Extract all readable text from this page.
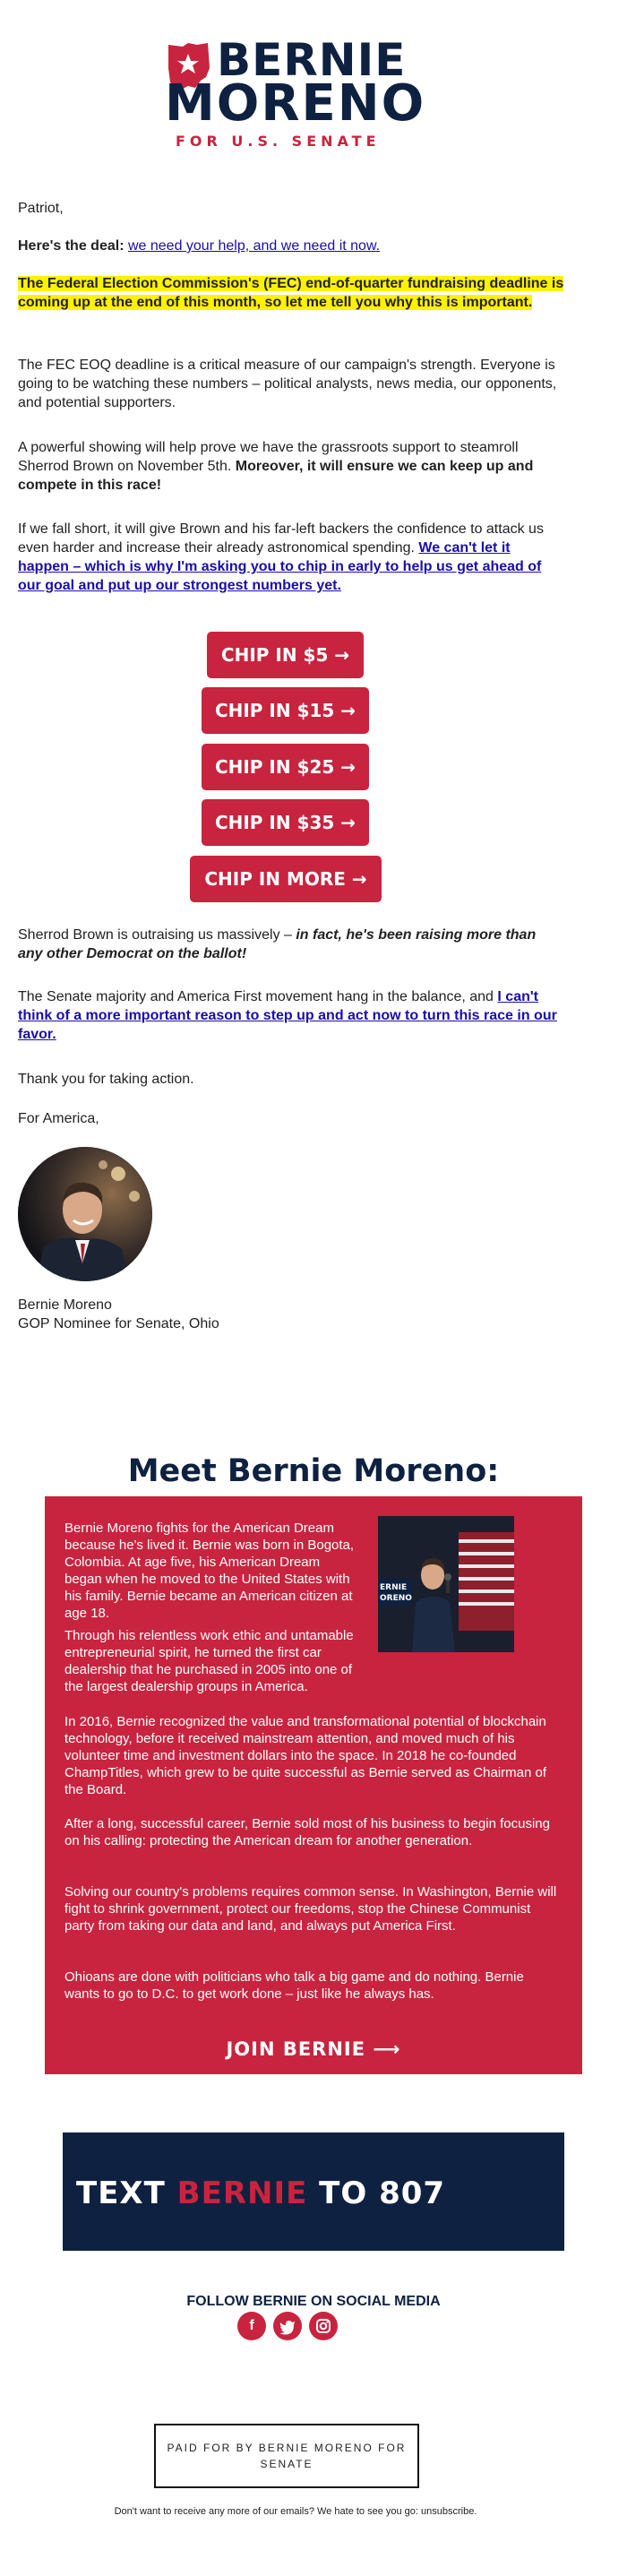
BERNIE
MORENO
FOR U.S. SENATE
Patriot,
Here's the deal: we need your help, and we need it now.
The Federal Election Commission's (FEC) end-of-quarter fundraising deadline is coming up at the end of this month, so let me tell you why this is important.
The FEC EOQ deadline is a critical measure of our campaign's strength. Everyone is going to be watching these numbers – political analysts, news media, our opponents, and potential supporters.
A powerful showing will help prove we have the grassroots support to steamroll Sherrod Brown on November 5th. Moreover, it will ensure we can keep up and compete in this race!
If we fall short, it will give Brown and his far-left backers the confidence to attack us even harder and increase their already astronomical spending. We can't let it happen – which is why I'm asking you to chip in early to help us get ahead of our goal and put up our strongest numbers yet.
CHIP IN $5 →
CHIP IN $15 →
CHIP IN $25 →
CHIP IN $35 →
CHIP IN MORE →
Sherrod Brown is outraising us massively – in fact, he's been raising more than any other Democrat on the ballot!
The Senate majority and America First movement hang in the balance, and I can't think of a more important reason to step up and act now to turn this race in our favor.
Thank you for taking action.
For America,
Bernie Moreno
GOP Nominee for Senate, Ohio
Meet Bernie Moreno:

Bernie Moreno fights for the American Dream because he's lived it. Bernie was born in Bogota, Colombia. At age five, his American Dream began when he moved to the United States with his family. Bernie became an American citizen at age 18.

ERNIE
ORENO

Through his relentless work ethic and untamable entrepreneurial spirit, he turned the first car dealership that he purchased in 2005 into one of the largest dealership groups in America.

In 2016, Bernie recognized the value and transformational potential of blockchain technology, before it received mainstream attention, and moved much of his volunteer time and investment dollars into the space. In 2018 he co-founded ChampTitles, which grew to be quite successful as Bernie served as Chairman of the Board.

After a long, successful career, Bernie sold most of his business to begin focusing on his calling: protecting the American dream for another generation.

Solving our country's problems requires common sense. In Washington, Bernie will fight to shrink government, protect our freedoms, stop the Chinese Communist party from taking our data and land, and always put America First.

Ohioans are done with politicians who talk a big game and do nothing. Bernie wants to go to D.C. to get work done – just like he always has.

JOIN BERNIE ⟶
TEXT BERNIE TO 807
FOLLOW BERNIE ON SOCIAL MEDIA
f
PAID FOR BY BERNIE MORENO FOR SENATE
Don't want to receive any more of our emails? We hate to see you go: unsubscribe.
